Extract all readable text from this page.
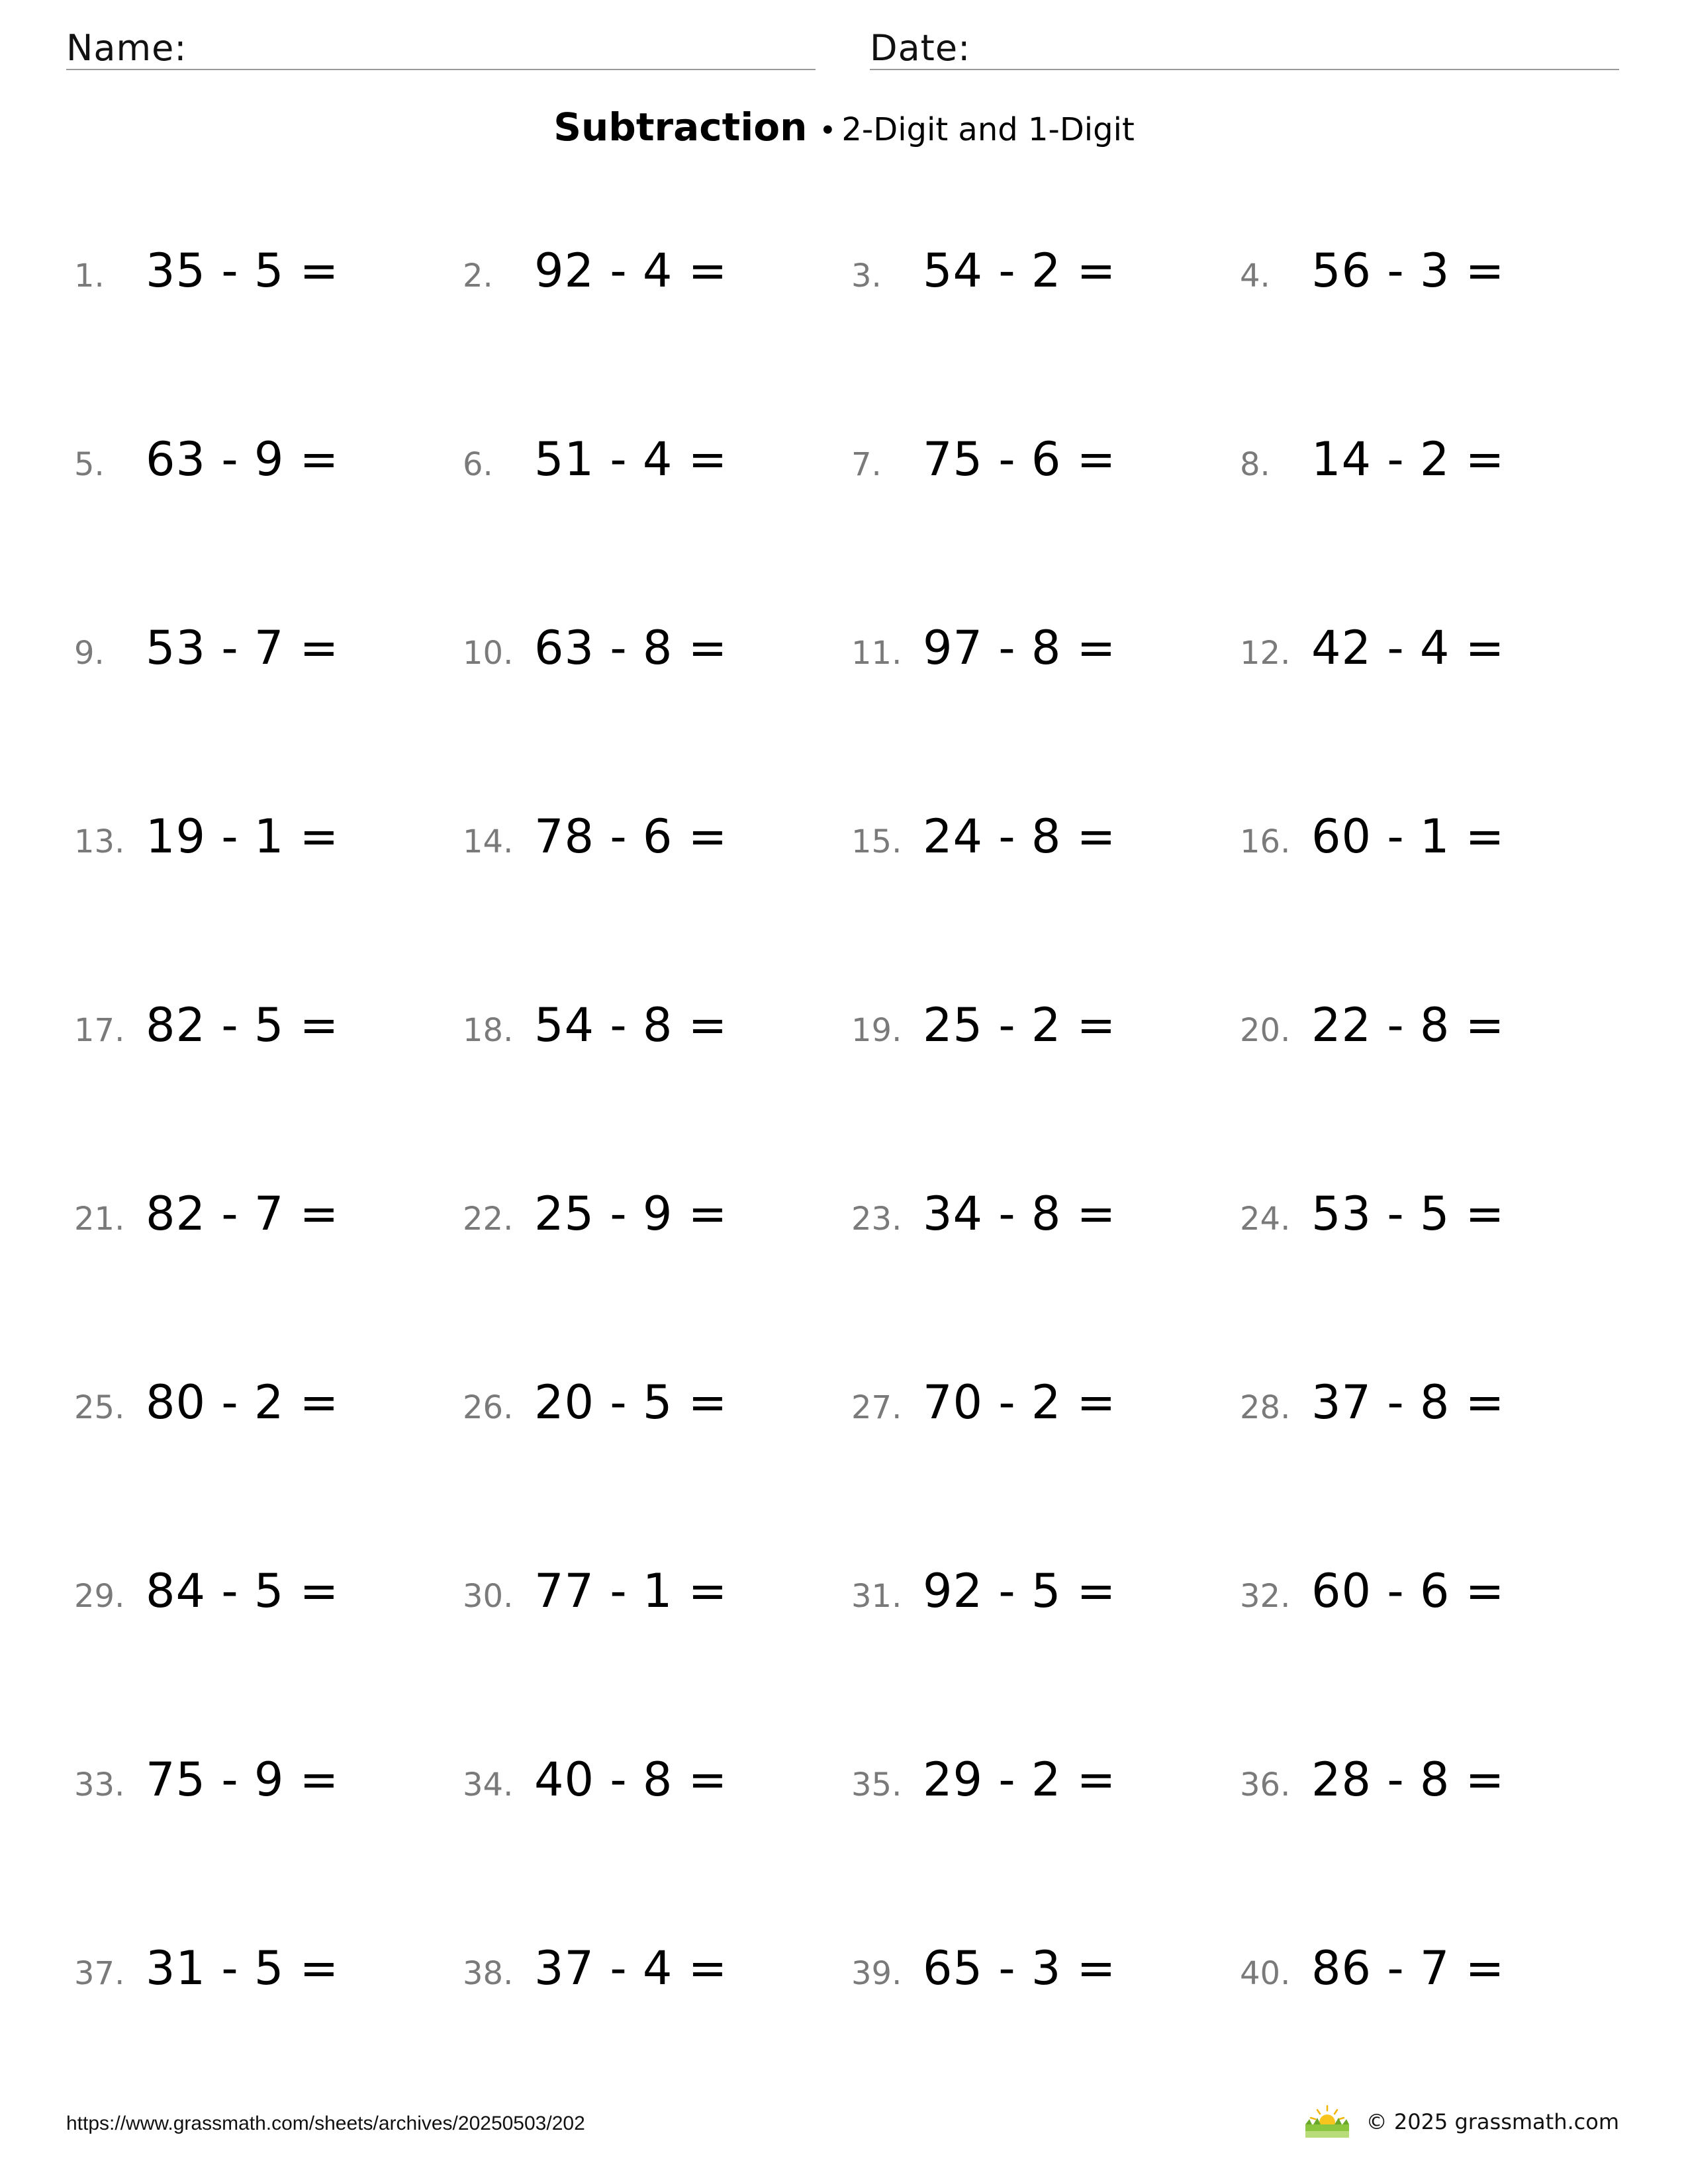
Name:	Date:
Subtraction • 2-Digit and 1-Digit
1. 35 - 5 =	2. 92 - 4 =	3. 54 - 2 =	4. 56 - 3 =
5. 63 - 9 =	6. 51 - 4 =	7. 75 - 6 =	8. 14 - 2 =
9. 53 - 7 =	10. 63 - 8 =	11. 97 - 8 =	12. 42 - 4 =
13. 19 - 1 =	14. 78 - 6 =	15. 24 - 8 =	16. 60 - 1 =
17. 82 - 5 =	18. 54 - 8 =	19. 25 - 2 =	20. 22 - 8 =
21. 82 - 7 =	22. 25 - 9 =	23. 34 - 8 =	24. 53 - 5 =
25. 80 - 2 =	26. 20 - 5 =	27. 70 - 2 =	28. 37 - 8 =
29. 84 - 5 =	30. 77 - 1 =	31. 92 - 5 =	32. 60 - 6 =
33. 75 - 9 =	34. 40 - 8 =	35. 29 - 2 =	36. 28 - 8 =
37. 31 - 5 =	38. 37 - 4 =	39. 65 - 3 =	40. 86 - 7 =
https://www.grassmath.com/sheets/archives/20250503/202	© 2025 grassmath.com
